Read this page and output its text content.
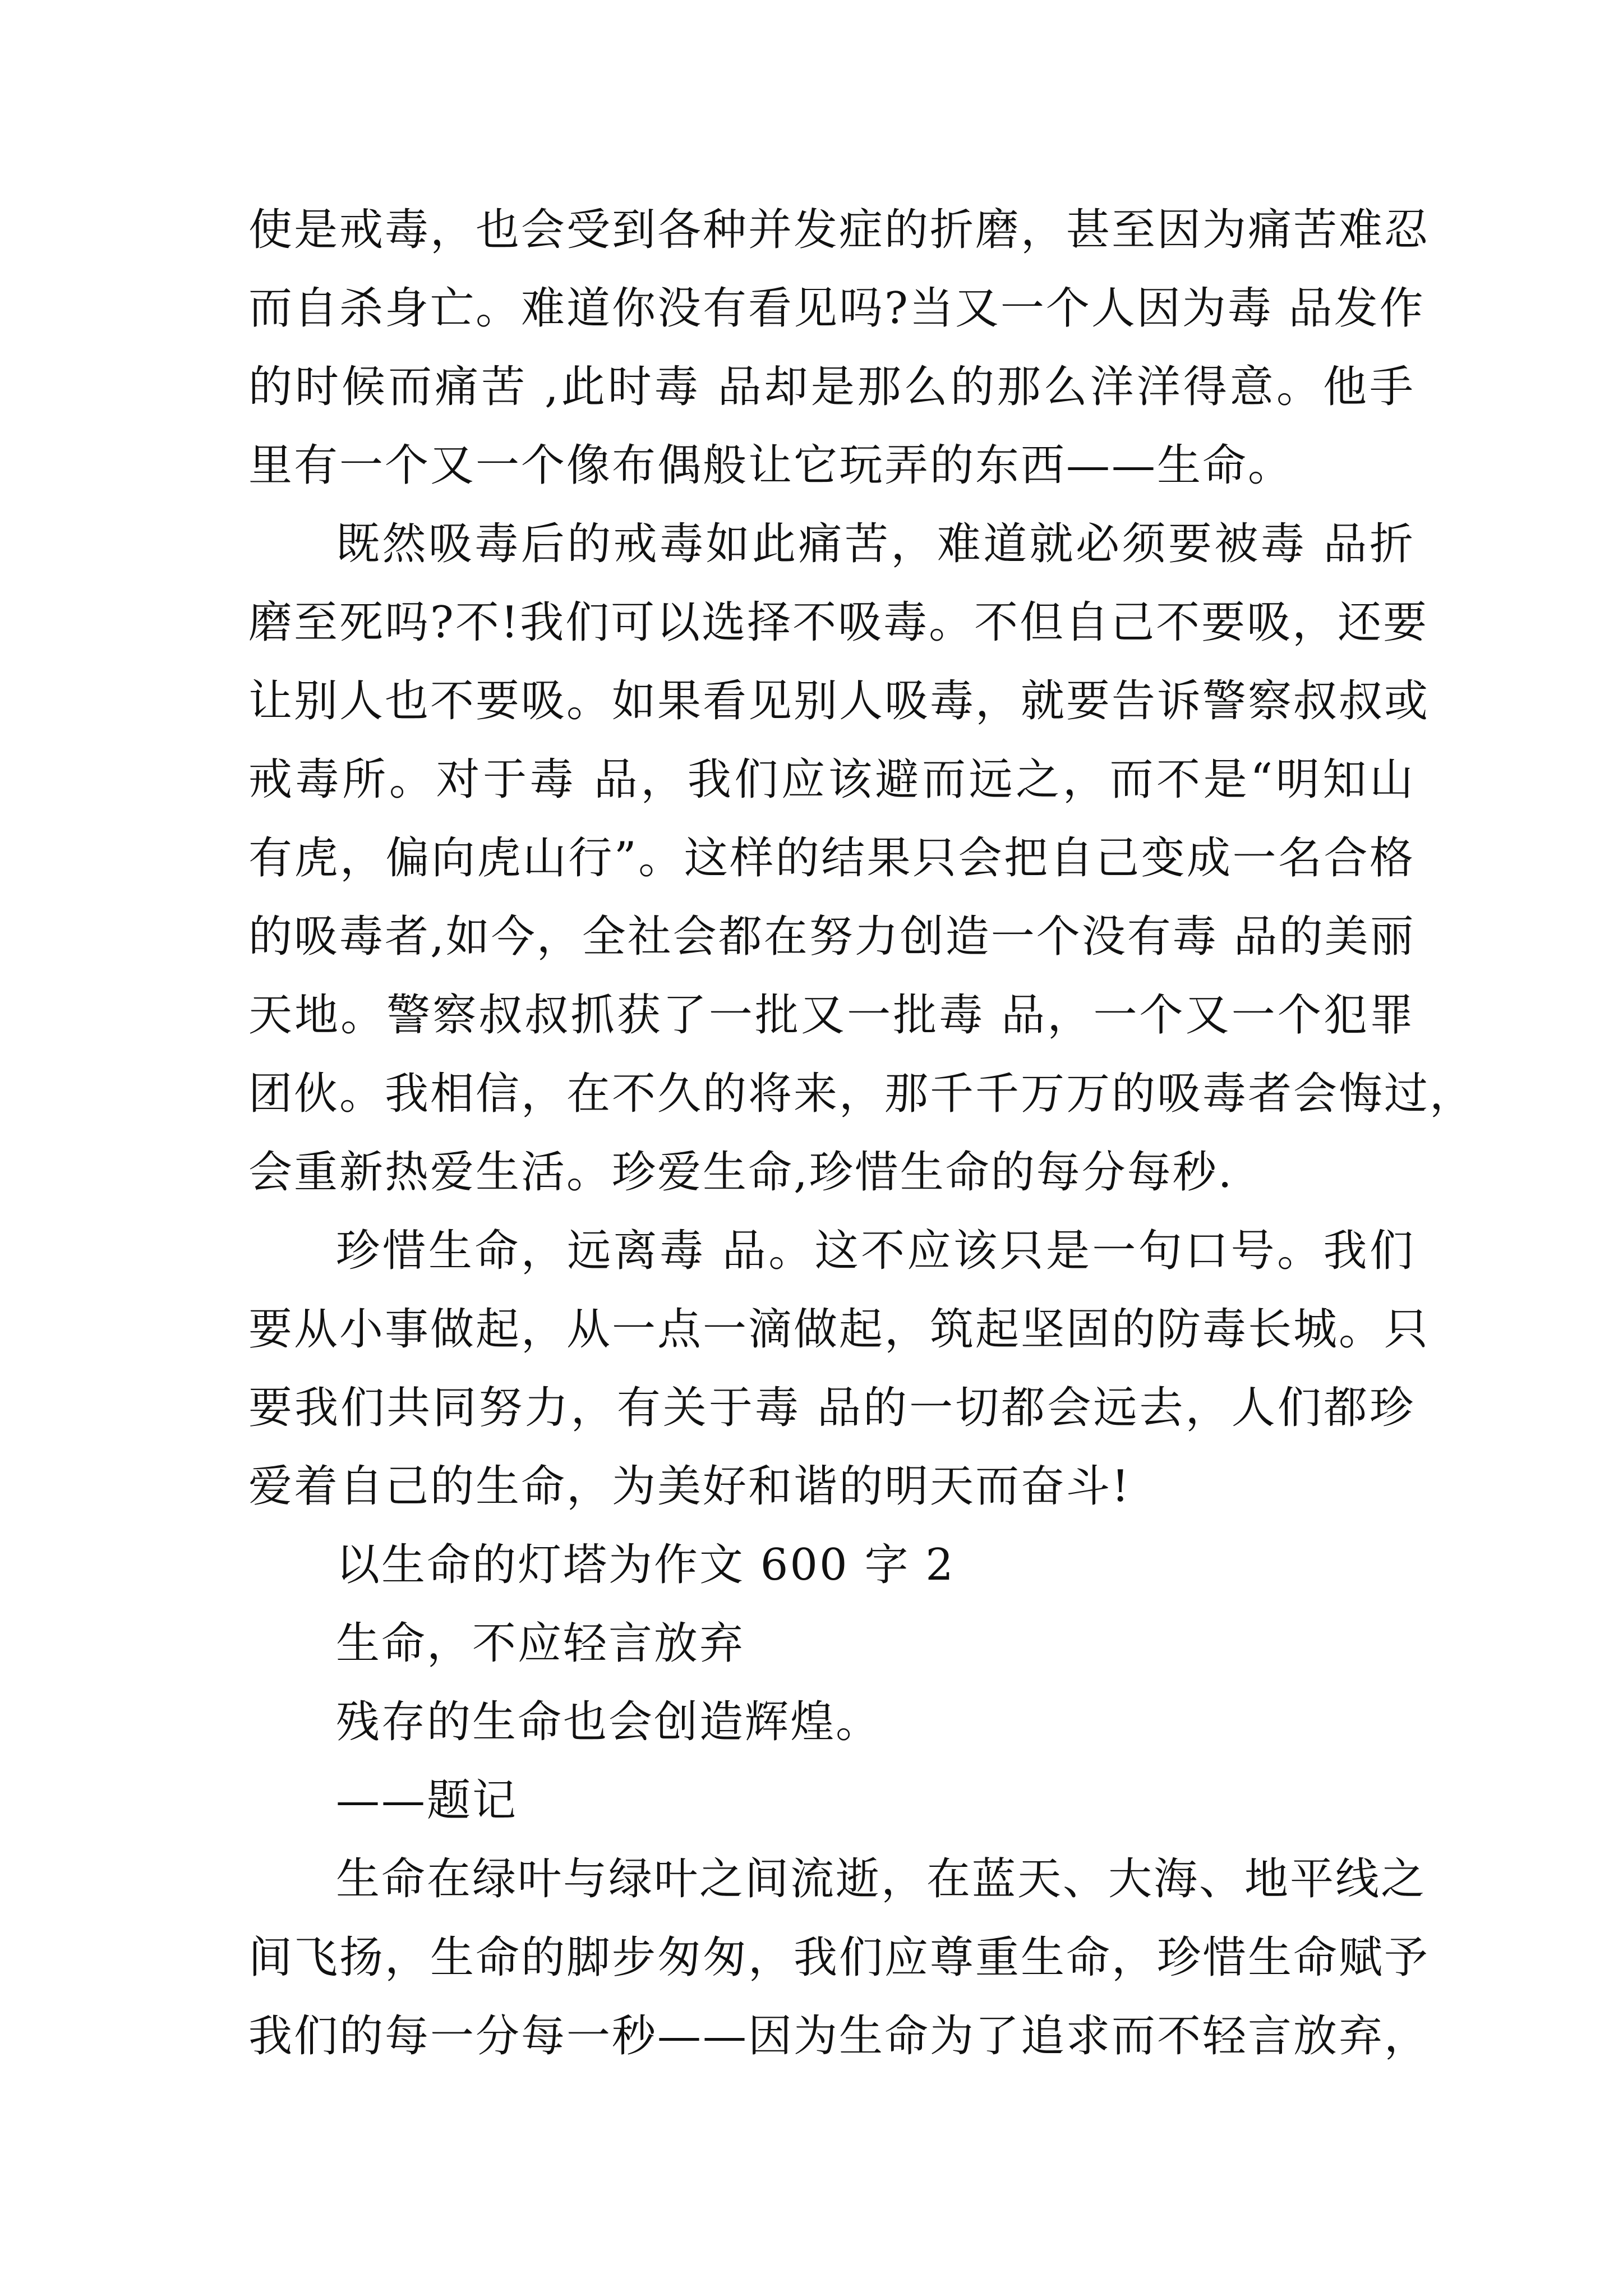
使是戒毒，也会受到各种并发症的折磨，甚至因为痛苦难忍
而自杀身亡。难道你没有看见吗?当又一个人因为毒 品发作
的时候而痛苦 ,此时毒 品却是那么的那么洋洋得意。他手
里有一个又一个像布偶般让它玩弄的东西——生命。
既然吸毒后的戒毒如此痛苦，难道就必须要被毒 品折
磨至死吗?不!我们可以选择不吸毒。不但自己不要吸，还要
让别人也不要吸。如果看见别人吸毒，就要告诉警察叔叔或
戒毒所。对于毒 品，我们应该避而远之，而不是“明知山
有虎，偏向虎山行”。这样的结果只会把自己变成一名合格
的吸毒者,如今，全社会都在努力创造一个没有毒 品的美丽
天地。警察叔叔抓获了一批又一批毒 品，一个又一个犯罪
团伙。我相信，在不久的将来，那千千万万的吸毒者会悔过，
会重新热爱生活。珍爱生命,珍惜生命的每分每秒.
珍惜生命，远离毒 品。这不应该只是一句口号。我们
要从小事做起，从一点一滴做起，筑起坚固的防毒长城。只
要我们共同努力，有关于毒 品的一切都会远去，人们都珍
爱着自己的生命，为美好和谐的明天而奋斗!
以生命的灯塔为作文 600 字 2
生命，不应轻言放弃
残存的生命也会创造辉煌。
——题记
生命在绿叶与绿叶之间流逝，在蓝天、大海、地平线之
间飞扬，生命的脚步匆匆，我们应尊重生命，珍惜生命赋予
我们的每一分每一秒——因为生命为了追求而不轻言放弃，
